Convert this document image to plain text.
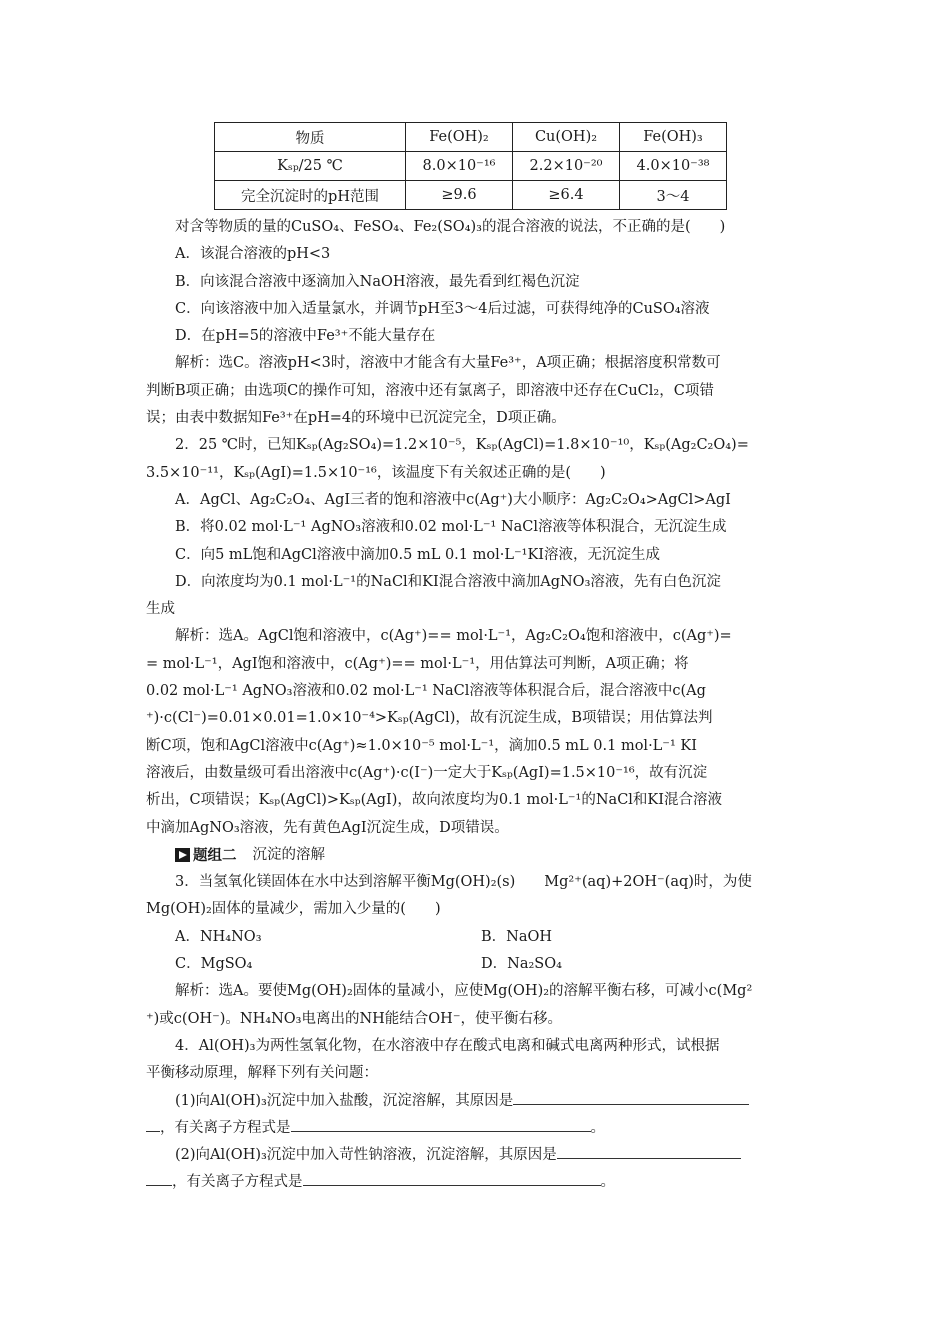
物质	Fe(OH)₂	Cu(OH)₂	Fe(OH)₃
Kₛₚ/25 ℃	8.0×10⁻¹⁶	2.2×10⁻²⁰	4.0×10⁻³⁸
完全沉淀时的pH范围	≥9.6	≥6.4	3～4
对含等物质的量的CuSO₄、FeSO₄、Fe₂(SO₄)₃的混合溶液的说法，不正确的是(　　)
A．该混合溶液的pH<3
B．向该混合溶液中逐滴加入NaOH溶液，最先看到红褐色沉淀
C．向该溶液中加入适量氯水，并调节pH至3～4后过滤，可获得纯净的CuSO₄溶液
D．在pH=5的溶液中Fe³⁺不能大量存在
解析：选C。溶液pH<3时，溶液中才能含有大量Fe³⁺，A项正确；根据溶度积常数可
判断B项正确；由选项C的操作可知，溶液中还有氯离子，即溶液中还存在CuCl₂，C项错
误；由表中数据知Fe³⁺在pH=4的环境中已沉淀完全，D项正确。
2．25 ℃时，已知Kₛₚ(Ag₂SO₄)=1.2×10⁻⁵，Kₛₚ(AgCl)=1.8×10⁻¹⁰，Kₛₚ(Ag₂C₂O₄)=
3.5×10⁻¹¹，Kₛₚ(AgI)=1.5×10⁻¹⁶，该温度下有关叙述正确的是(　　)
A．AgCl、Ag₂C₂O₄、AgI三者的饱和溶液中c(Ag⁺)大小顺序：Ag₂C₂O₄>AgCl>AgI
B．将0.02 mol·L⁻¹ AgNO₃溶液和0.02 mol·L⁻¹ NaCl溶液等体积混合，无沉淀生成
C．向5 mL饱和AgCl溶液中滴加0.5 mL 0.1 mol·L⁻¹KI溶液，无沉淀生成
D．向浓度均为0.1 mol·L⁻¹的NaCl和KI混合溶液中滴加AgNO₃溶液，先有白色沉淀
生成
解析：选A。AgCl饱和溶液中，c(Ag⁺)== mol·L⁻¹，Ag₂C₂O₄饱和溶液中，c(Ag⁺)=
= mol·L⁻¹，AgI饱和溶液中，c(Ag⁺)== mol·L⁻¹，用估算法可判断，A项正确；将
0.02 mol·L⁻¹ AgNO₃溶液和0.02 mol·L⁻¹ NaCl溶液等体积混合后，混合溶液中c(Ag
⁺)·c(Cl⁻)=0.01×0.01=1.0×10⁻⁴>Kₛₚ(AgCl)，故有沉淀生成，B项错误；用估算法判
断C项，饱和AgCl溶液中c(Ag⁺)≈1.0×10⁻⁵ mol·L⁻¹，滴加0.5 mL 0.1 mol·L⁻¹ KI
溶液后，由数量级可看出溶液中c(Ag⁺)·c(I⁻)一定大于Kₛₚ(AgI)=1.5×10⁻¹⁶，故有沉淀
析出，C项错误；Kₛₚ(AgCl)>Kₛₚ(AgI)，故向浓度均为0.1 mol·L⁻¹的NaCl和KI混合溶液
中滴加AgNO₃溶液，先有黄色AgI沉淀生成，D项错误。
题组二 沉淀的溶解
3．当氢氧化镁固体在水中达到溶解平衡Mg(OH)₂(s)　　Mg²⁺(aq)+2OH⁻(aq)时，为使
Mg(OH)₂固体的量减少，需加入少量的(　　)
A．NH₄NO₃	B．NaOH
C．MgSO₄	D．Na₂SO₄
解析：选A。要使Mg(OH)₂固体的量减小，应使Mg(OH)₂的溶解平衡右移，可减小c(Mg²
⁺)或c(OH⁻)。NH₄NO₃电离出的NH能结合OH⁻，使平衡右移。
4．Al(OH)₃为两性氢氧化物，在水溶液中存在酸式电离和碱式电离两种形式，试根据
平衡移动原理，解释下列有关问题：
(1)向Al(OH)₃沉淀中加入盐酸，沉淀溶解，其原因是
，有关离子方程式是	。
(2)向Al(OH)₃沉淀中加入苛性钠溶液，沉淀溶解，其原因是
，有关离子方程式是	。
